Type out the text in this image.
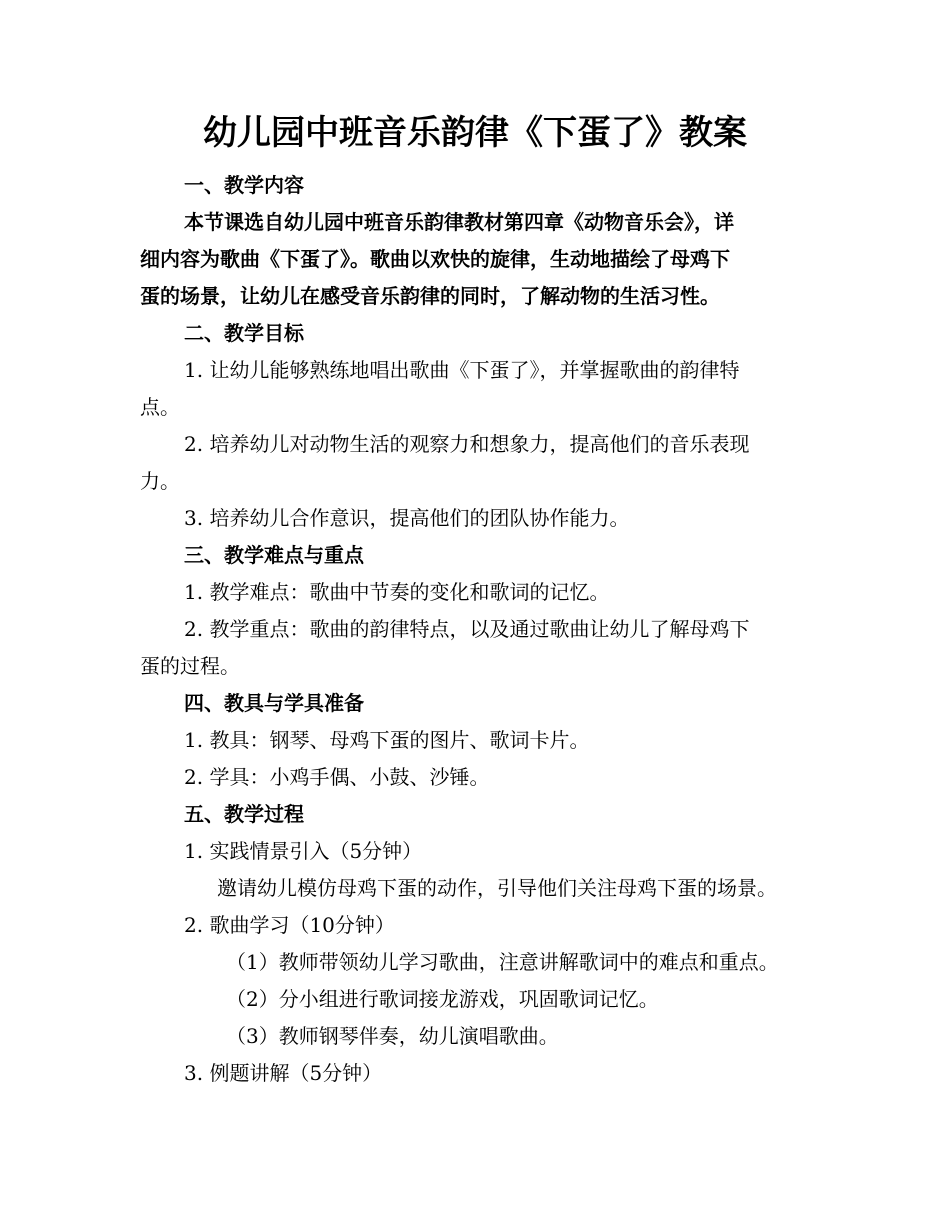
幼儿园中班音乐韵律《下蛋了》教案
一、教学内容
本节课选自幼儿园中班音乐韵律教材第四章《动物音乐会》，详
细内容为歌曲《下蛋了》。歌曲以欢快的旋律，生动地描绘了母鸡下
蛋的场景，让幼儿在感受音乐韵律的同时，了解动物的生活习性。
二、教学目标
1. 让幼儿能够熟练地唱出歌曲《下蛋了》，并掌握歌曲的韵律特
点。
2. 培养幼儿对动物生活的观察力和想象力，提高他们的音乐表现
力。
3. 培养幼儿合作意识，提高他们的团队协作能力。
三、教学难点与重点
1. 教学难点：歌曲中节奏的变化和歌词的记忆。
2. 教学重点：歌曲的韵律特点，以及通过歌曲让幼儿了解母鸡下
蛋的过程。
四、教具与学具准备
1. 教具：钢琴、母鸡下蛋的图片、歌词卡片。
2. 学具：小鸡手偶、小鼓、沙锤。
五、教学过程
1. 实践情景引入（5分钟）
邀请幼儿模仿母鸡下蛋的动作，引导他们关注母鸡下蛋的场景。
2. 歌曲学习（10分钟）
（1）教师带领幼儿学习歌曲，注意讲解歌词中的难点和重点。
（2）分小组进行歌词接龙游戏，巩固歌词记忆。
（3）教师钢琴伴奏，幼儿演唱歌曲。
3. 例题讲解（5分钟）
